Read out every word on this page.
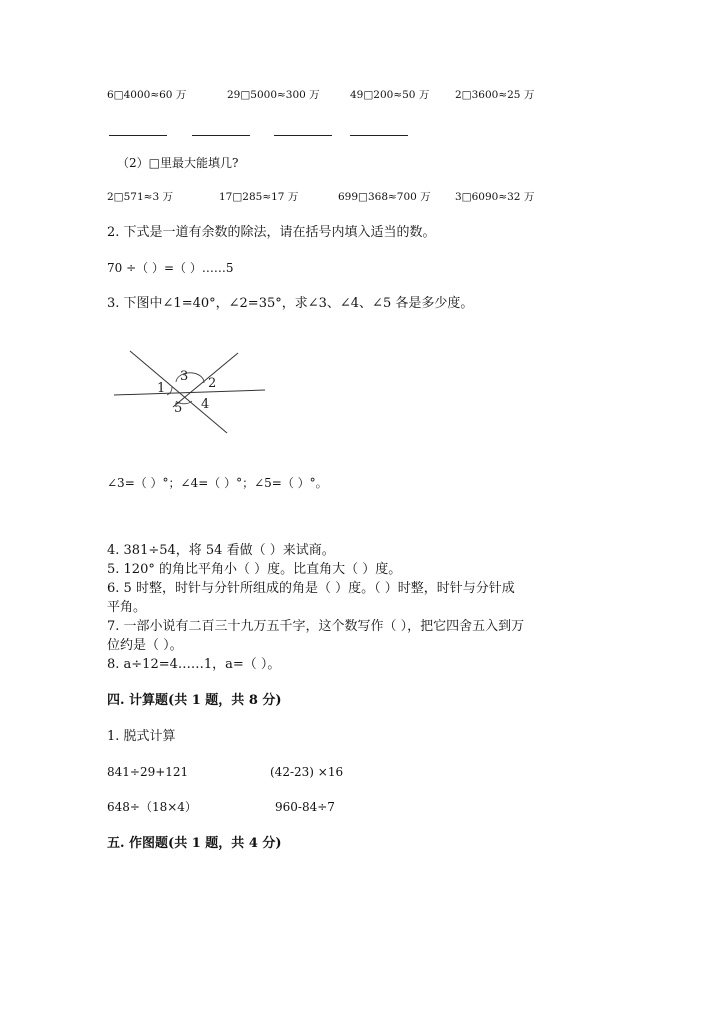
6□4000≈60 万	29□5000≈300 万	49□200≈50 万 2□3600≈25 万
（2）□里最大能填几?
2□571≈3 万	17□285≈17 万	699□368≈700 万 3□6090≈32 万
2. 下式是一道有余数的除法，请在括号内填入适当的数。
70 ÷（ ）=（ ）……5
3. 下图中∠1=40°，∠2=35°，求∠3、∠4、∠5 各是多少度。
1	2
3
4
5
∠3=（ ）°；∠4=（ ）°；∠5=（ ）°。
4. 381÷54，将 54 看做（ ）来试商。
5. 120° 的角比平角小（ ）度。比直角大（ ）度。
6. 5 时整，时针与分针所组成的角是（ ）度。（ ）时整，时针与分针成
平角。
7. 一部小说有二百三十九万五千字，这个数写作（ ），把它四舍五入到万
位约是（ ）。
8. a÷12=4……1，a=（ ）。
四. 计算题(共 1 题，共 8 分)
1. 脱式计算
841÷29+121	(42-23) ×16
648÷（18×4）	960-84÷7
五. 作图题(共 1 题，共 4 分)
